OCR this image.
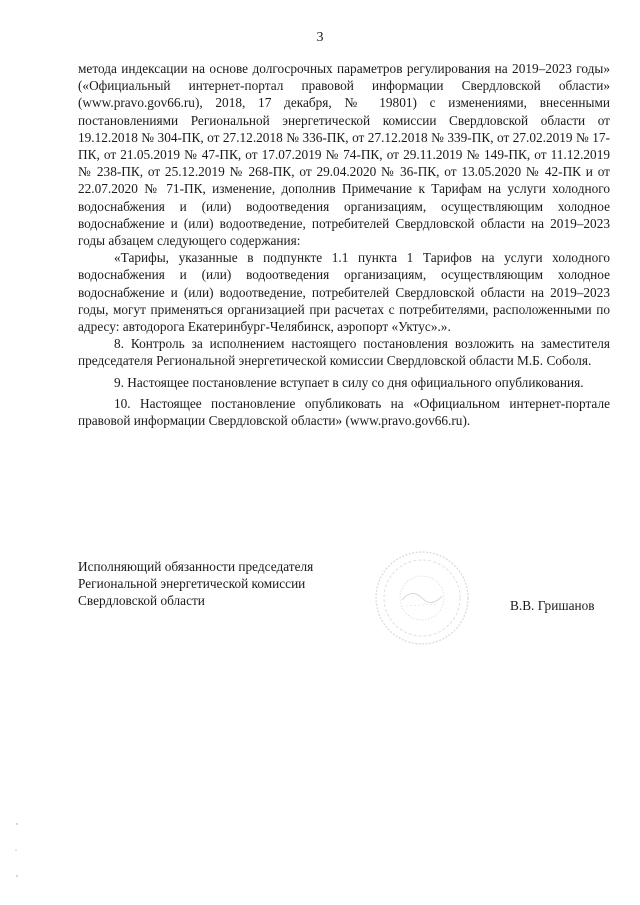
3

метода индексации на основе долгосрочных параметров регулирования на 2019–2023 годы» («Официальный интернет-портал правовой информации Свердловской области» (www.pravo.gov66.ru), 2018, 17 декабря, № 19801) с изменениями, внесенными постановлениями Региональной энергетической комиссии Свердловской области от 19.12.2018 № 304-ПК, от 27.12.2018 № 336-ПК, от 27.12.2018 № 339-ПК, от 27.02.2019 № 17-ПК, от 21.05.2019 № 47-ПК, от 17.07.2019 № 74-ПК, от 29.11.2019 № 149-ПК, от 11.12.2019 № 238-ПК, от 25.12.2019 № 268-ПК, от 29.04.2020 № 36-ПК, от 13.05.2020 № 42-ПК и от 22.07.2020 № 71-ПК, изменение, дополнив Примечание к Тарифам на услуги холодного водоснабжения и (или) водоотведения организациям, осуществляющим холодное водоснабжение и (или) водоотведение, потребителей Свердловской области на 2019–2023 годы абзацем следующего содержания:

«Тарифы, указанные в подпункте 1.1 пункта 1 Тарифов на услуги холодного водоснабжения и (или) водоотведения организациям, осуществляющим холодное водоснабжение и (или) водоотведение, потребителей Свердловской области на 2019–2023 годы, могут применяться организацией при расчетах с потребителями, расположенными по адресу: автодорога Екатеринбург-Челябинск, аэропорт «Уктус».».

8. Контроль за исполнением настоящего постановления возложить на заместителя председателя Региональной энергетической комиссии Свердловской области М.Б. Соболя.

9. Настоящее постановление вступает в силу со дня официального опубликования.

10. Настоящее постановление опубликовать на «Официальном интернет-портале правовой информации Свердловской области» (www.pravo.gov66.ru).

Исполняющий обязанности председателя
Региональной энергетической комиссии
Свердловской области	В.В. Гришанов
